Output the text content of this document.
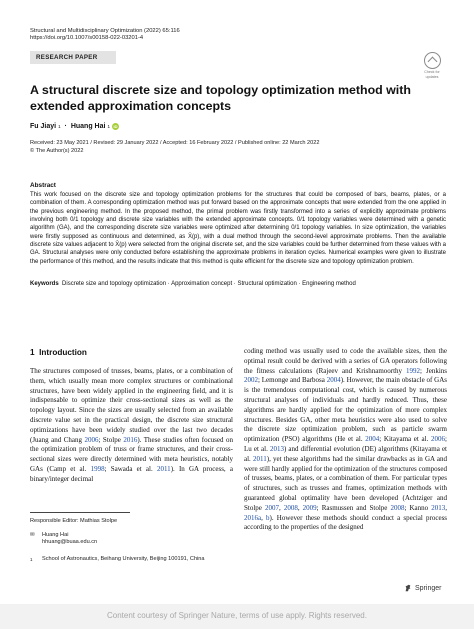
Structural and Multidisciplinary Optimization (2022) 65:116
https://doi.org/10.1007/s00158-022-03201-4
RESEARCH PAPER
Check for
updates
A structural discrete size and topology optimization method with extended approximation concepts
Fu Jiayi 1 · Huang Hai 1 iD
Received: 23 May 2021 / Revised: 29 January 2022 / Accepted: 16 February 2022 / Published online: 22 March 2022
© The Author(s) 2022
Abstract
This work focused on the discrete size and topology optimization problems for the structures that could be composed of bars, beams, plates, or a combination of them. A corresponding optimization method was put forward based on the approximate concepts that were extended from the one applied in the previous engineering method. In the proposed method, the primal problem was firstly transformed into a series of explicitly approximate problems involving both 0/1 topology and discrete size variables with the extended approximate concepts. 0/1 topology variables were determined with a genetic algorithm (GA), and the corresponding discrete size variables were optimized after determining 0/1 topology variables. In size optimization, the variables were firstly supposed as continuous and determined, as X̄(p), with a dual method through the second-level approximate problems. Then the available discrete size values adjacent to X̄(p) were selected from the original discrete set, and the size variables could be further determined from these values with a GA. Structural analyses were only conducted before establishing the approximate problems in iteration cycles. Numerical examples were given to illustrate the performance of this method, and the results indicate that this method is quite efficient for the discrete size and topology optimization problem.
Keywords Discrete size and topology optimization · Approximation concept · Structural optimization · Engineering method
1 Introduction
The structures composed of trusses, beams, plates, or a combination of them, which usually mean more complex structures or combinational structures, have been widely applied in the engineering field, and it is indispensable to optimize their cross-sectional sizes as well as the topology layout. Since the sizes are usually selected from an available discrete value set in the practical design, the discrete size structural optimizations have been widely studied over the last two decades (Juang and Chang 2006; Stolpe 2016). These studies often focused on the optimization problem of truss or frame structures, and their cross-sectional sizes were directly determined with meta heuristics, notably GAs (Camp et al. 1998; Sawada et al. 2011). In GA process, a binary/integer decimal
coding method was usually used to code the available sizes, then the optimal result could be derived with a series of GA operators following the fitness calculations (Rajeev and Krishnamoorthy 1992; Jenkins 2002; Lemonge and Barbosa 2004). However, the main obstacle of GAs is the tremendous computational cost, which is caused by numerous structural analyses of individuals and hardly reduced. Thus, these algorithms are hardly applied for the optimization of more complex structures. Besides GA, other meta heuristics were also used to solve the discrete size optimization problem, such as particle swarm optimization (PSO) algorithms (He et al. 2004; Kitayama et al. 2006; Lu et al. 2013) and differential evolution (DE) algorithms (Kitayama et al. 2011), yet these algorithms had the similar drawbacks as in GA and were still hardly applied for the optimization of the structures composed of trusses, beams, plates, or a combination of them. For particular types of structures, such as trusses and frames, optimization methods with guaranteed global optimality have been developed (Achtziger and Stolpe 2007, 2008, 2009; Rasmussen and Stolpe 2008; Kanno 2013, 2016a, b). However these methods should conduct a special process according to the properties of the designed
Responsible Editor: Mathias Stolpe
✉ Huang Hai
hhuang@buaa.edu.cn
1 School of Astronautics, Beihang University, Beijing 100191, China
Springer
Content courtesy of Springer Nature, terms of use apply. Rights reserved.
